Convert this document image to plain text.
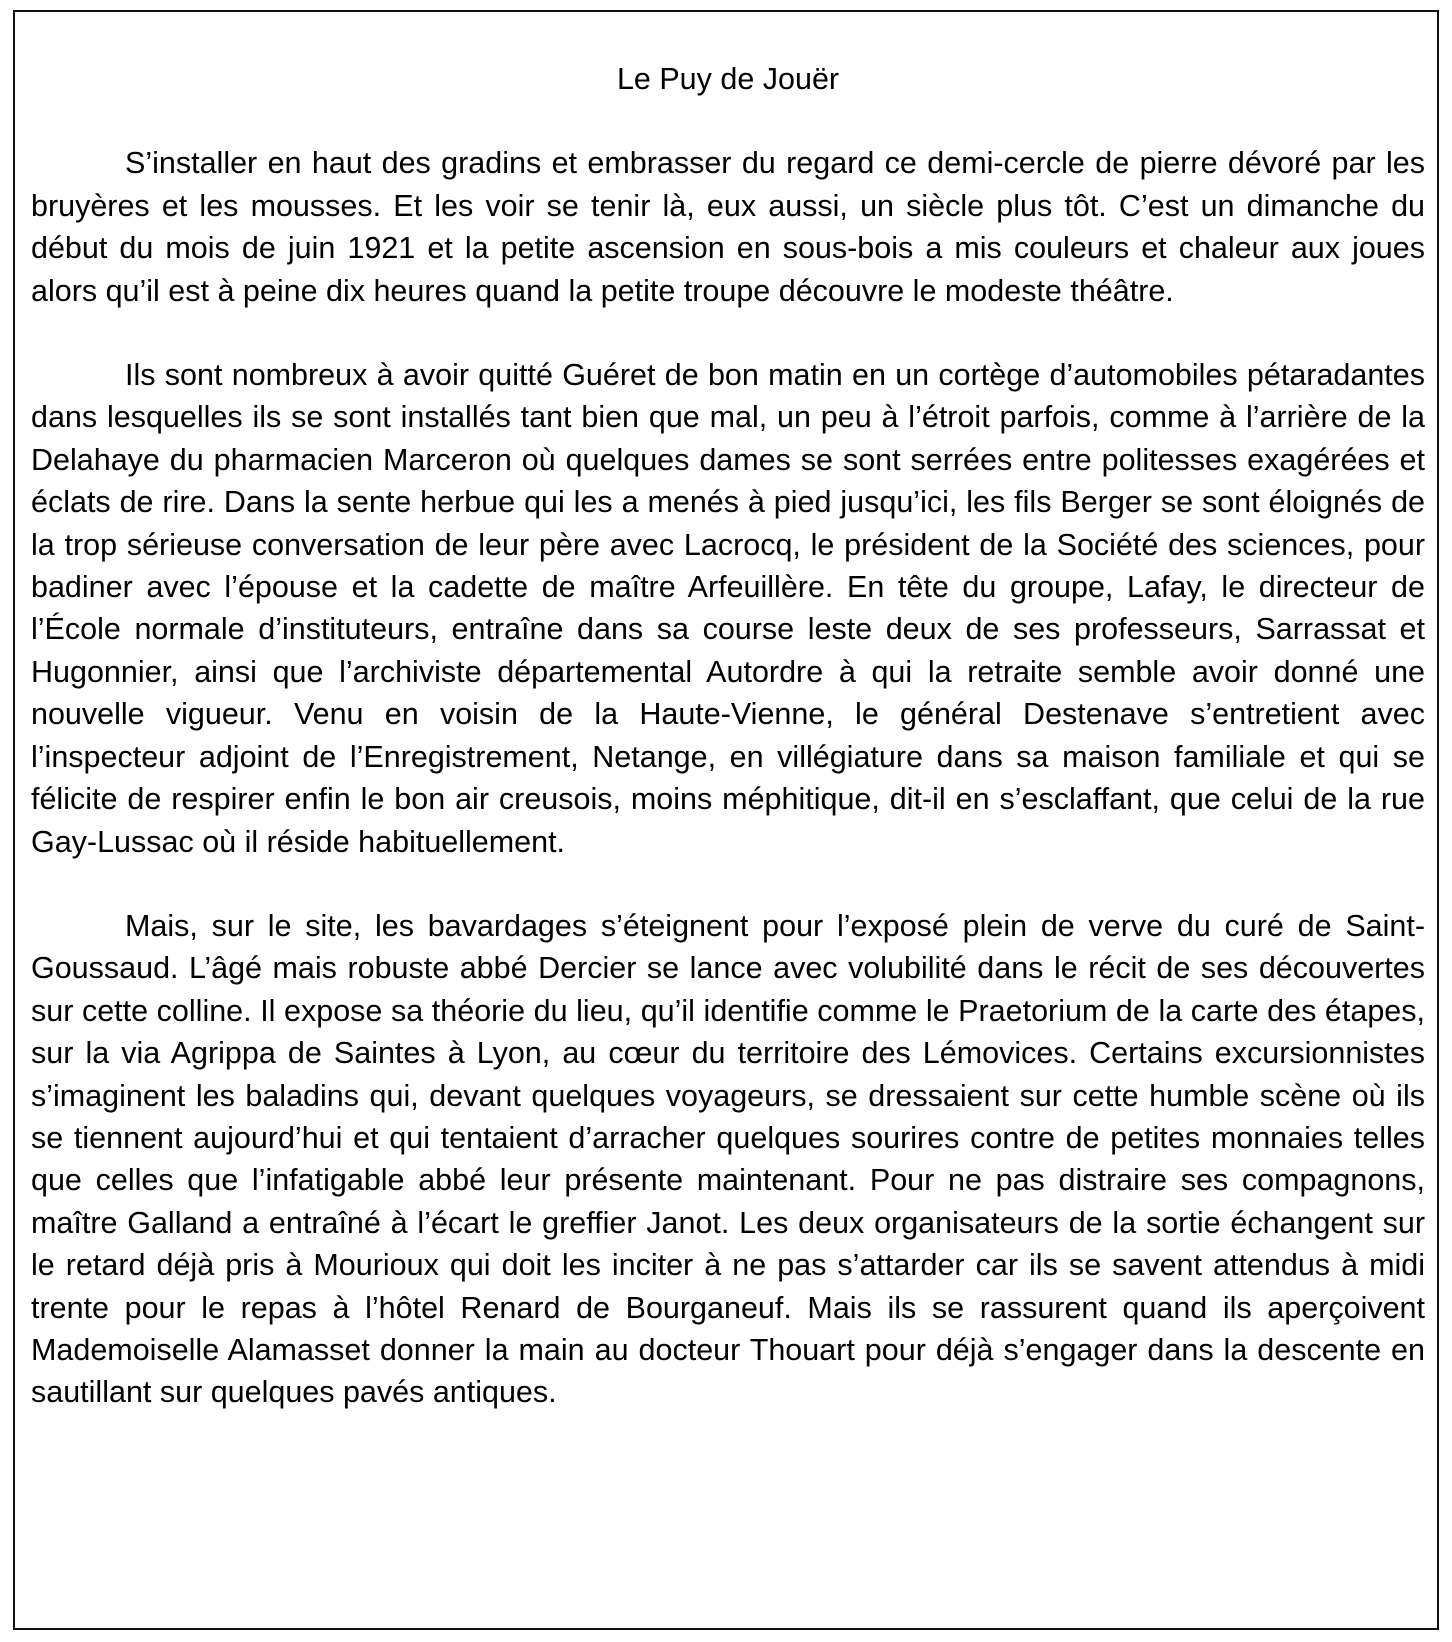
Le Puy de Jouër

S’installer en haut des gradins et embrasser du regard ce demi-cercle de pierre dévoré par les bruyères et les mousses. Et les voir se tenir là, eux aussi, un siècle plus tôt. C’est un dimanche du début du mois de juin 1921 et la petite ascension en sous-bois a mis couleurs et chaleur aux joues alors qu’il est à peine dix heures quand la petite troupe découvre le modeste théâtre.

Ils sont nombreux à avoir quitté Guéret de bon matin en un cortège d’automobiles pétaradantes dans lesquelles ils se sont installés tant bien que mal, un peu à l’étroit parfois, comme à l’arrière de la Delahaye du pharmacien Marceron où quelques dames se sont serrées entre politesses exagérées et éclats de rire. Dans la sente herbue qui les a menés à pied jusqu’ici, les fils Berger se sont éloignés de la trop sérieuse conversation de leur père avec Lacrocq, le président de la Société des sciences, pour badiner avec l’épouse et la cadette de maître Arfeuillère. En tête du groupe, Lafay, le directeur de l’École normale d’instituteurs, entraîne dans sa course leste deux de ses professeurs, Sarrassat et Hugonnier, ainsi que l’archiviste départemental Autordre à qui la retraite semble avoir donné une nouvelle vigueur. Venu en voisin de la Haute-Vienne, le général Destenave s’entretient avec l’inspecteur adjoint de l’Enregistrement, Netange, en villégiature dans sa maison familiale et qui se félicite de respirer enfin le bon air creusois, moins méphitique, dit-il en s’esclaffant, que celui de la rue Gay-Lussac où il réside habituellement.

Mais, sur le site, les bavardages s’éteignent pour l’exposé plein de verve du curé de Saint-Goussaud. L’âgé mais robuste abbé Dercier se lance avec volubilité dans le récit de ses découvertes sur cette colline. Il expose sa théorie du lieu, qu’il identifie comme le Praetorium de la carte des étapes, sur la via Agrippa de Saintes à Lyon, au cœur du territoire des Lémovices. Certains excursionnistes s’imaginent les baladins qui, devant quelques voyageurs, se dressaient sur cette humble scène où ils se tiennent aujourd’hui et qui tentaient d’arracher quelques sourires contre de petites monnaies telles que celles que l’infatigable abbé leur présente maintenant. Pour ne pas distraire ses compagnons, maître Galland a entraîné à l’écart le greffier Janot. Les deux organisateurs de la sortie échangent sur le retard déjà pris à Mourioux qui doit les inciter à ne pas s’attarder car ils se savent attendus à midi trente pour le repas à l’hôtel Renard de Bourganeuf. Mais ils se rassurent quand ils aperçoivent Mademoiselle Alamasset donner la main au docteur Thouart pour déjà s’engager dans la descente en sautillant sur quelques pavés antiques.
